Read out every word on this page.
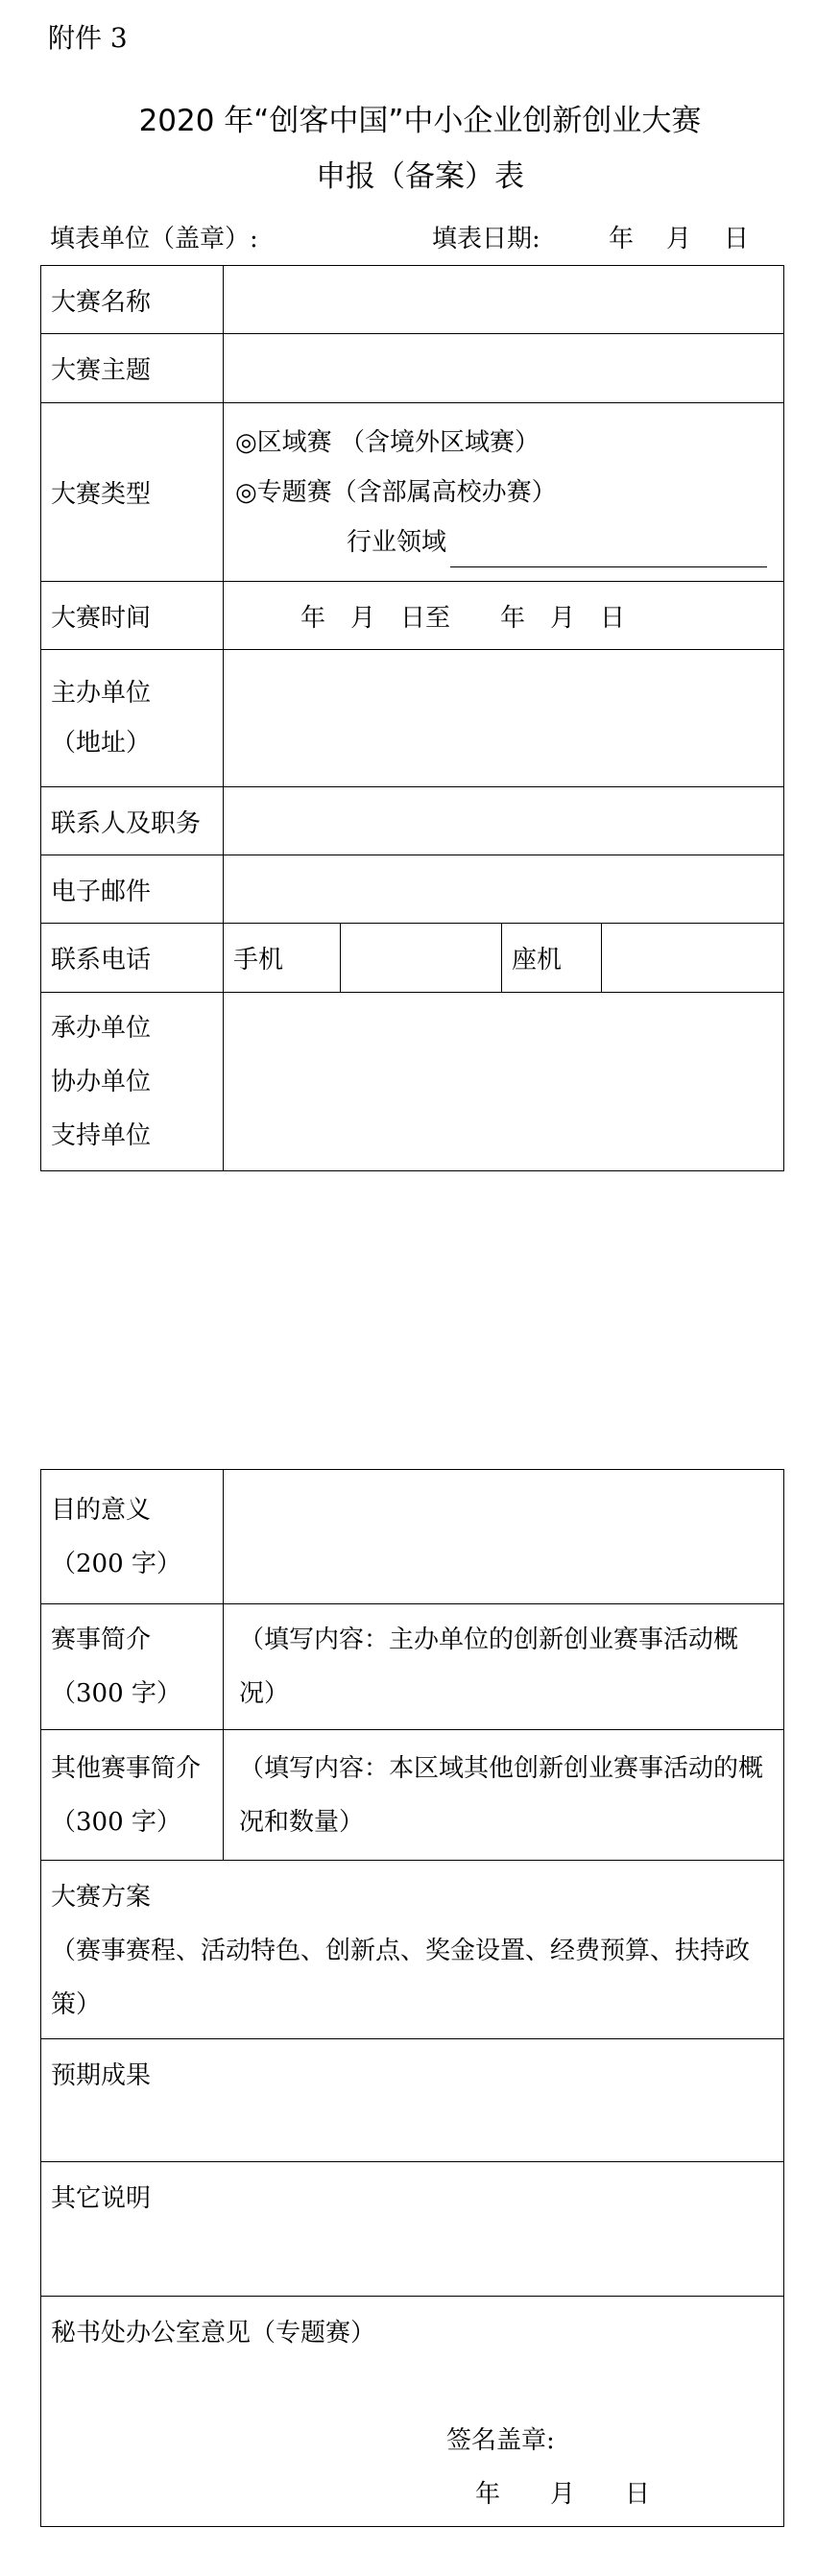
附件 3
2020 年“创客中国”中小企业创新创业大赛
申报（备案）表
填表单位（盖章）:	填表日期:	年 月 日
大赛名称				
大赛主题				
大赛类型	◎区域赛 （含境外区域赛）
◎专题赛（含部属高校办赛）
行业领域			

大赛时间	年　月　日至　　年　月　日			

主办单位
（地址）				

联系人及职务				
电子邮件				
联系电话	手机		座机	

承办单位
协办单位
支持单位				

目的意义
（200 字）	

赛事简介
（300 字）	（填写内容：主办单位的创新创业赛事活动概况）

其他赛事简介
（300 字）	（填写内容：本区域其他创新创业赛事活动的概况和数量）

大赛方案
（赛事赛程、活动特色、创新点、奖金设置、经费预算、扶持政策）	

预期成果	

其它说明	

秘书处办公室意见（专题赛）
签名盖章:
年　　月　　日	
